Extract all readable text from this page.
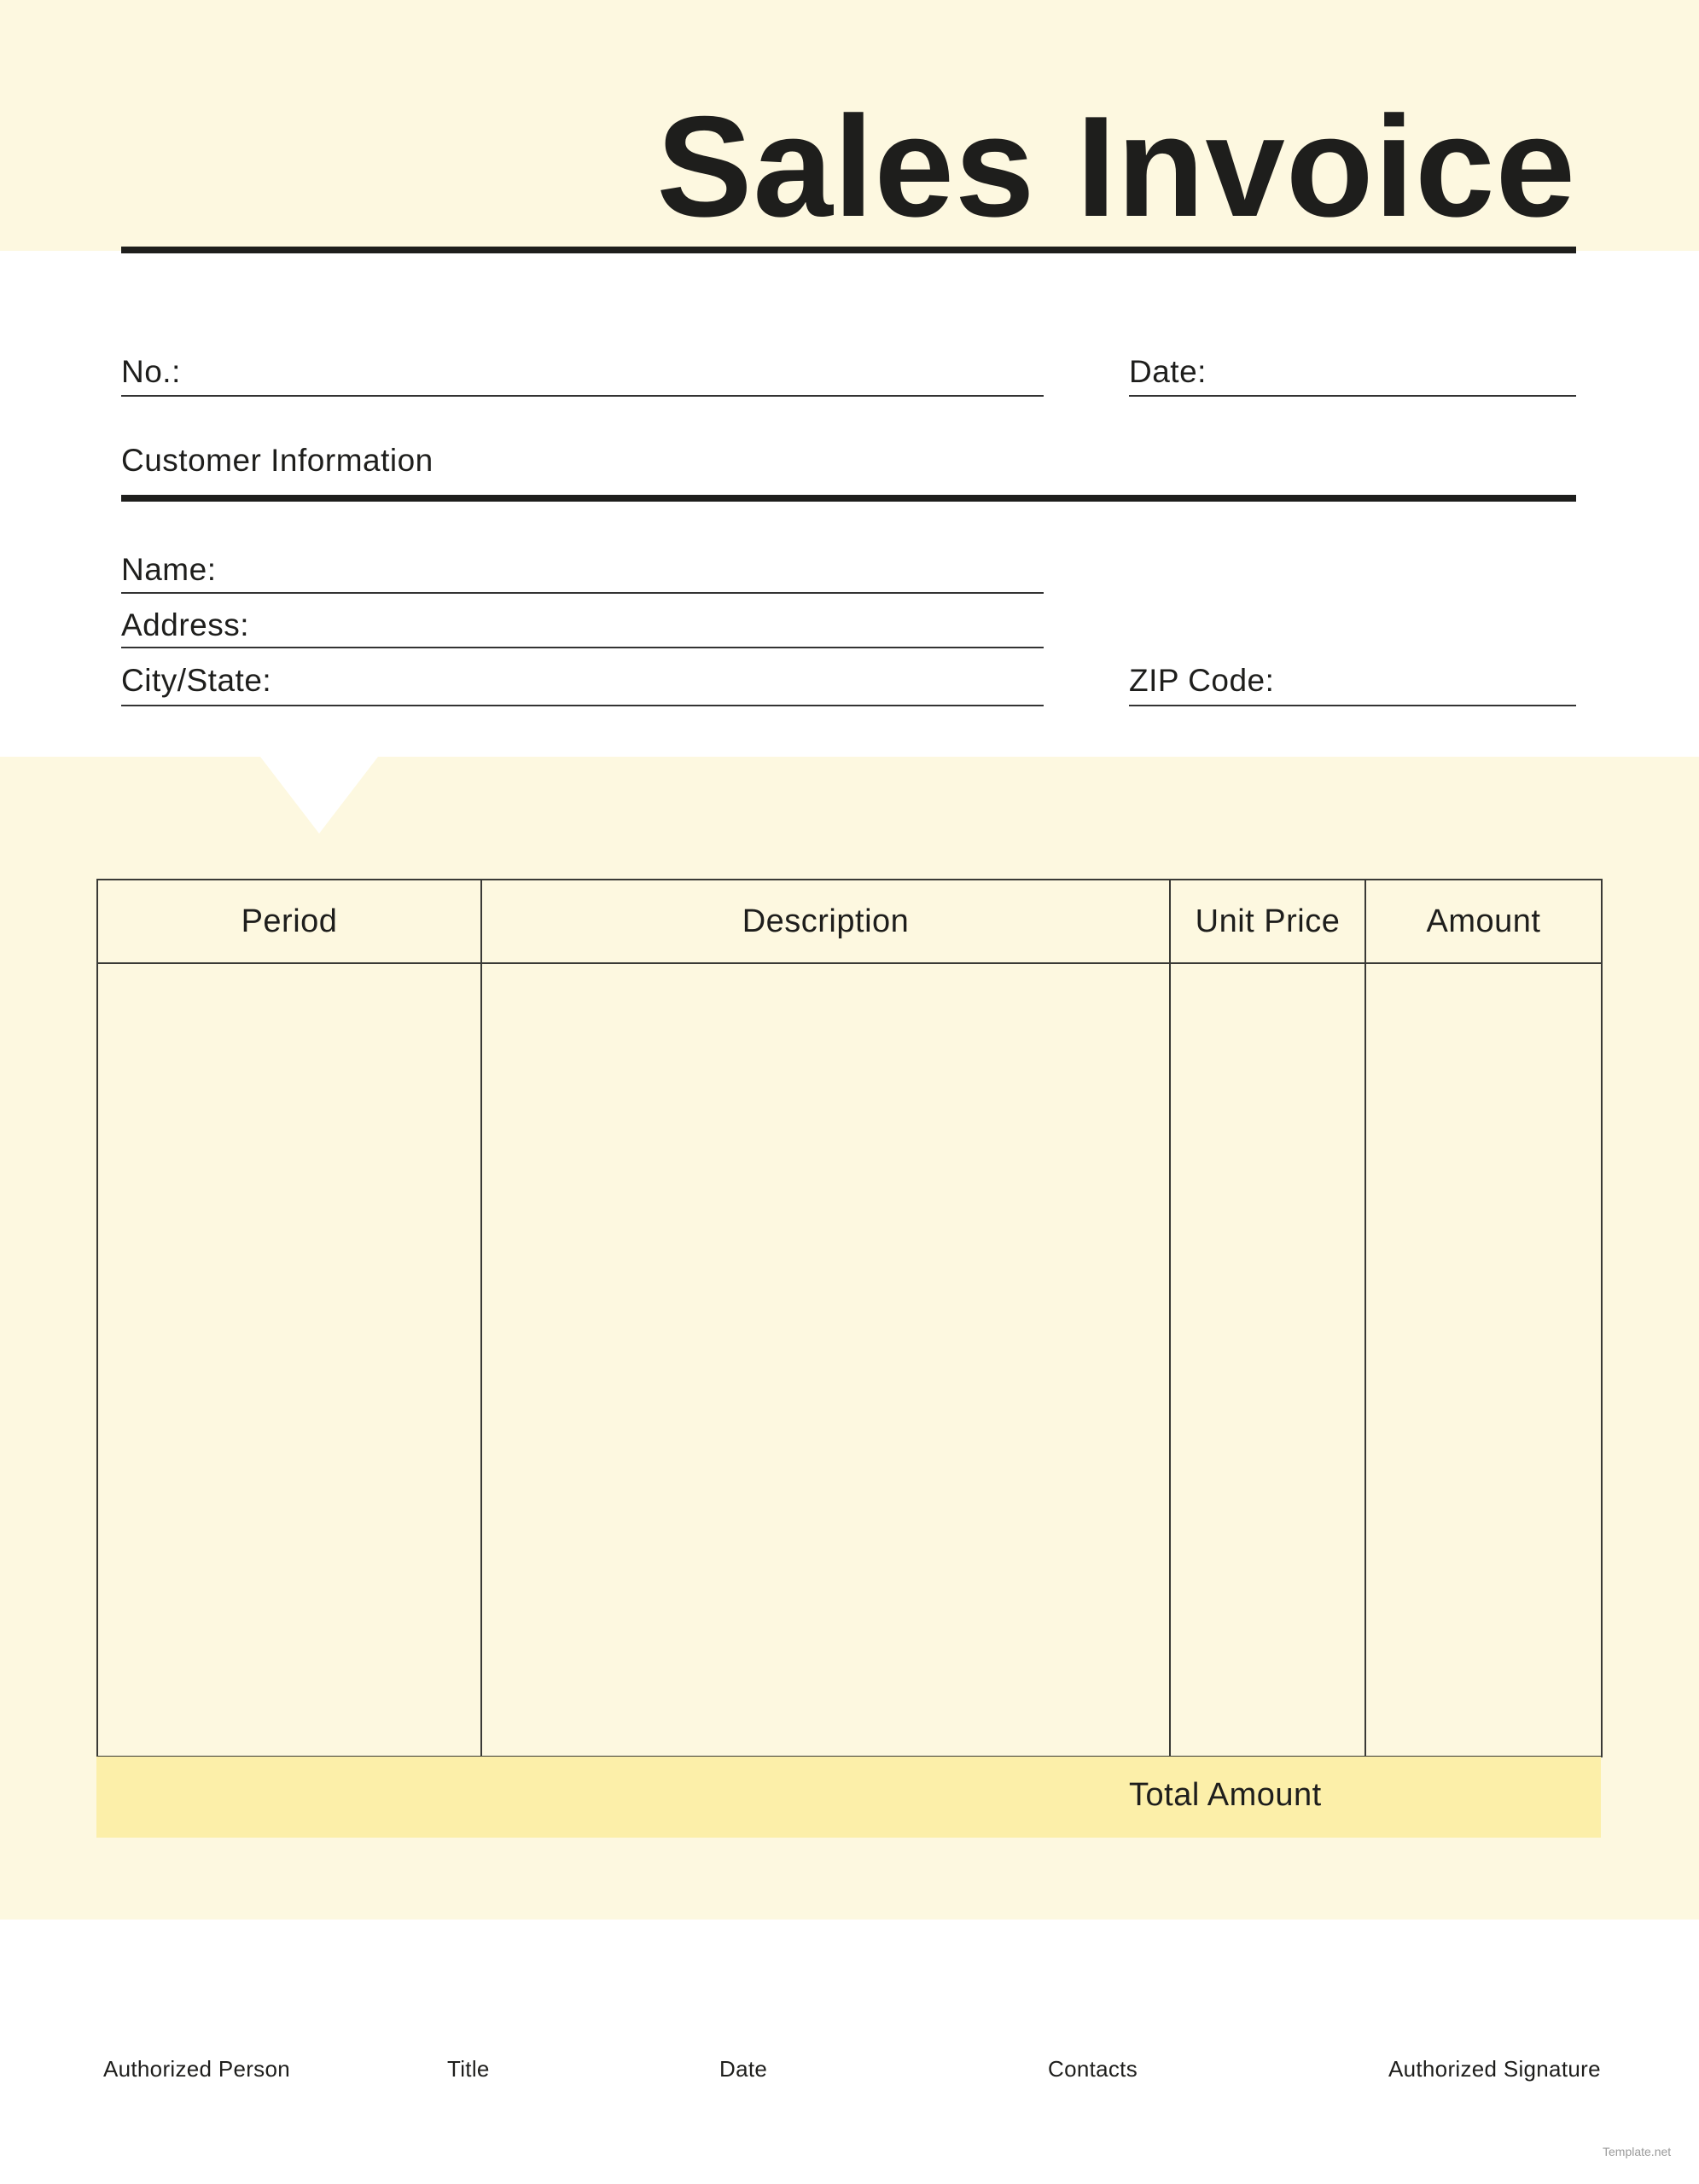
Sales Invoice
No.:	Date:
Customer Information
Name:
Address:
City/State:	ZIP Code:
Period	Description	Unit Price	Amount

Total Amount
Authorized Person	Title	Date	Contacts	Authorized Signature
Template.net
